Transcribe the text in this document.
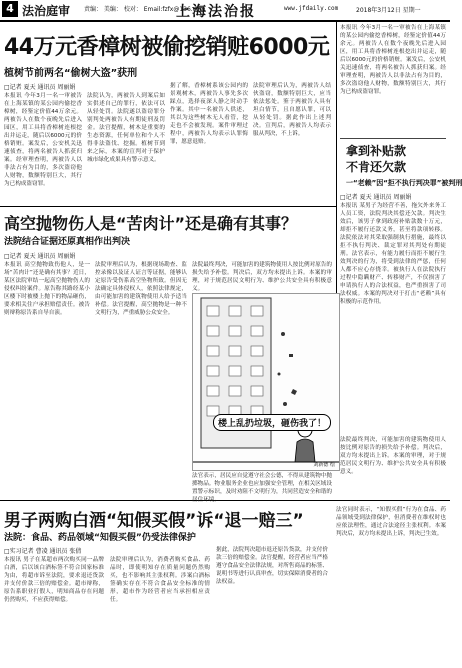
4 法治庭审 责编： 美编： 校对： Email:fzfx@136.com
上海法治报	www.jfdaily.com	2018年3月12日 星期一
44万元香樟树被偷挖销赃6000元
植树节前两名“偷树大盗”获刑
□记者 夏天 通讯员 周丽娟
本报讯 今年3月一名一审被告在上海某镇的某公园内偷挖香樟树，经鉴定价值44万余元。两被告人在数个夜晚先后进入园区，用工具将香樟树连根挖出并运走，随后以6000元的价格销赃。案发后，公安机关迅速侦查，将两名被告人抓获归案。经审理查明，两被告人以非法占有为目的，多次盗窃他人财物，数额特别巨大，其行为已构成盗窃罪。
法院认为，两被告人到案后如实供述自己的罪行，依法可以从轻处罚。法院遂以盗窃罪分别判处两被告人有期徒刑及罚金。法官提醒，树木是重要的生态资源，任何单位和个人不得非法盗伐、挖掘。植树节到来之际，本案的宣判对于保护城市绿化成果具有警示意义。
据了解，香樟树系该公园内的景观树木，两被告人事先多次踩点，选择夜深人静之时动手作案。其中一名被告人供述，其以为这些树木无人看管，挖走也不会被发现。案件审理过程中，两被告人均表示认罪悔罪，愿意退赔。
法院审理后认为，两被告人结伙盗窃，数额特别巨大，应当依法惩处。鉴于两被告人具有坦白情节，且自愿认罪，可以从轻处罚。据此作出上述判决。宣判后，两被告人均表示服从判决，不上诉。
本报讯 今年3月一名一审被告在上海某镇的某公园内偷挖香樟树，经鉴定价值44万余元。两被告人在数个夜晚先后进入园区，用工具将香樟树连根挖出并运走，随后以6000元的价格销赃。案发后，公安机关迅速侦查，将两名被告人抓获归案。经审理查明，两被告人以非法占有为目的，多次盗窃他人财物，数额特别巨大，其行为已构成盗窃罪。
拿到补贴款
不肯还欠款
一“老赖”因“拒不执行判决罪”被判刑
□记者 夏天 通讯员 周丽娟
本报讯 某男子为经营不善，拖欠外来务工人员工资，法院判决其偿还欠款。判决生效后，该男子拿到政府补贴款数十万元，却拒不履行还款义务，甚至将款项转移。法院依法对其采取强制执行措施，最终以拒不执行判决、裁定罪对其判处有期徒刑。法官表示，有能力履行而拒不履行生效判决的行为，将受到法律的严惩，任何人都不应心存侥幸。被执行人在法院执行过程中隐瞒财产、转移财产，不仅损害了申请执行人的合法权益，也严重损害了司法权威。本案的判决对于打击“老赖”具有积极的示范作用。
高空抛物伤人是“苦肉计”还是确有其事？
法院结合证据还原真相作出判决
□记者 夏天 通讯员 周丽娟
本报讯 高空抛物致伤他人，是一场“苦肉计”还是确有其事？近日，某区法院审结一起高空抛物伤人的侵权纠纷案件。原告称其路经某小区楼下时被楼上抛下的物品砸伤，要求相关住户承担赔偿责任。被告则辩称原告系自导自演。
法院审理后认为，根据现场勘查、监控录像以及证人证言等证据，能够认定原告受伤系高空坠物所致。但因无法确定具体侵权人，依照法律规定，由可能加害的建筑物使用人给予适当补偿。法官提醒，高空抛物是一种不文明行为，严重威胁公众安全。
法院最终判决，可能加害的建筑物使用人按比例对原告的损失给予补偿。判决后，双方均未提出上诉。本案的审理，对于规范居民文明行为、维护公共安全具有积极意义。
楼上乱扔垃圾，砸伤我了！
刘新德 绘
法官表示，居民应自觉遵守社会公德，不得从建筑物中抛掷物品。物业服务企业也应加强安全管理，在相关区域设置警示标识，及时劝阻不文明行为，共同营造安全和谐的居住环境。
法院最终判决，可能加害的建筑物使用人按比例对原告的损失给予补偿。判决后，双方均未提出上诉。本案的审理，对于规范居民文明行为、维护公共安全具有积极意义。
男子两购白酒“知假买假”诉“退一赔三”
法院：食品、药品领域“知假买假”仍受法律保护
□实习记者 曹凌 通讯员 张倩
本报讯 男子在某超市两次购买同一品牌白酒，后以该白酒标签不符合国家标准为由，将超市诉至法院，要求退还货款并支付价款三倍的赔偿金。超市辩称，原告系职业打假人，明知商品存在问题仍然购买，不应获得赔偿。
法院审理后认为，消费者购买食品、药品时，即使明知存在质量问题仍然购买，也不影响其主张权利。涉案白酒标签确实存在不符合食品安全标准的情形，超市作为经营者应当承担相应责任。
据此，法院判决超市退还原告货款，并支付价款三倍的赔偿金。法官提醒，经营者应当严格遵守食品安全法律法规，对所售商品的标签、说明书等进行认真审查，切实保障消费者的合法权益。
法官同时表示，“知假买假”行为在食品、药品领域受到法律保护，但消费者在维权时也应依法理性，通过合法途径主张权利。本案判决后，双方均未提出上诉，判决已生效。
